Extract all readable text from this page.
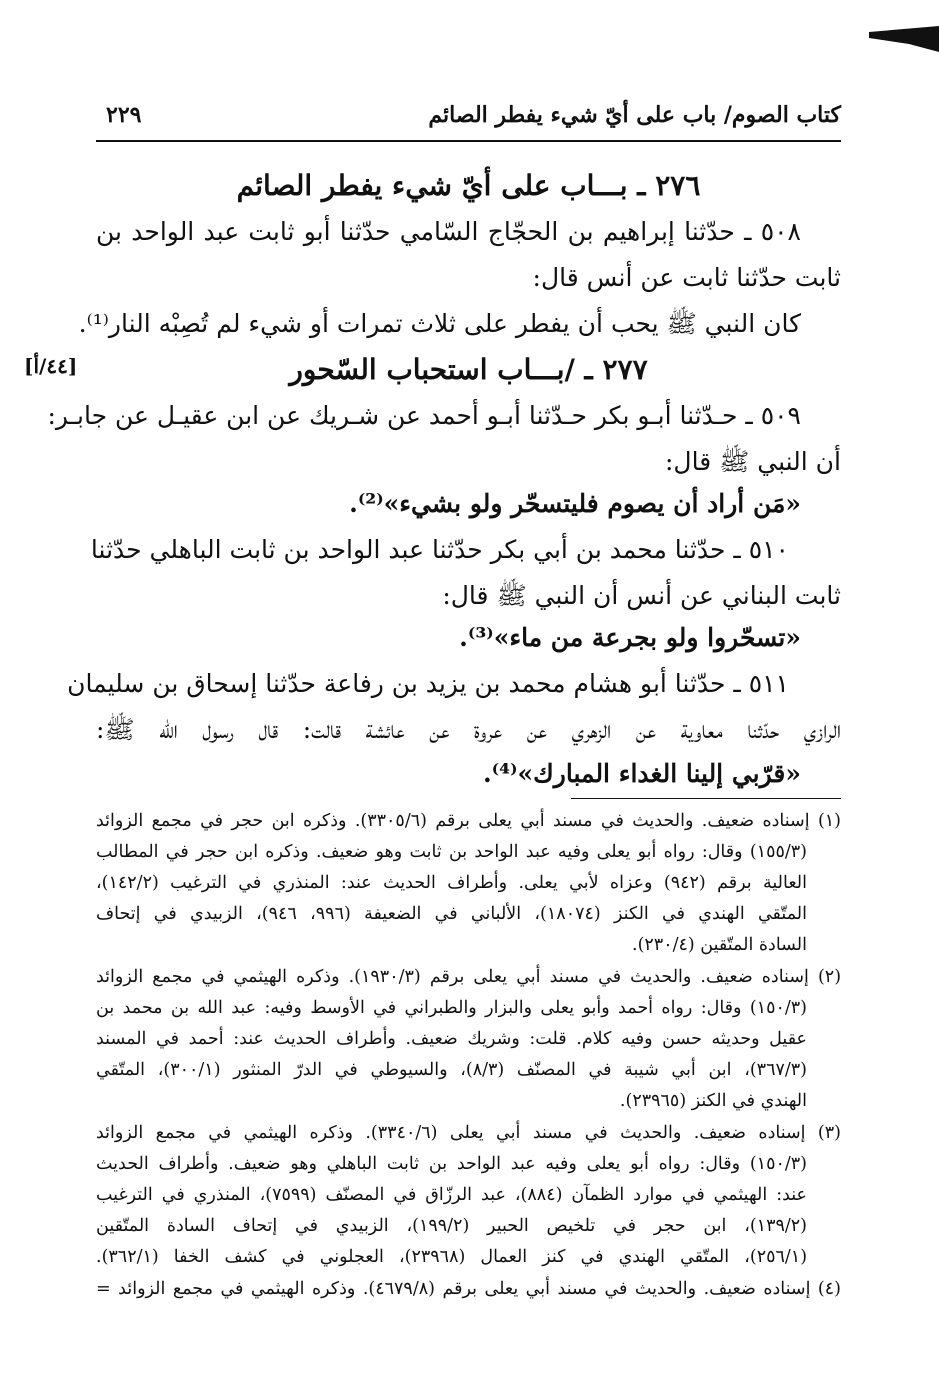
كتاب الصوم/ باب على أيّ شيء يفطر الصائم
٢٢٩
٢٧٦ ـ بـــاب على أيّ شيء يفطر الصائم
٥٠٨ ـ حدّثنا إبراهيم بن الحجّاج السّامي حدّثنا أبو ثابت عبد الواحد بن
ثابت حدّثنا ثابت عن أنس قال:
كان النبي ﷺ يحب أن يفطر على ثلاث تمرات أو شيء لم تُصِبْه النار⁽¹⁾.
٢٧٧ ـ /بـــاب استحباب السّحور
[٤٤/أ]
٥٠٩ ـ حـدّثنا أبـو بكر حـدّثنا أبـو أحمد عن شـريك عن ابن عقيـل عن جابـر:
أن النبي ﷺ قال:
«مَن أراد أن يصوم فليتسحّر ولو بشيء»⁽²⁾.
٥١٠ ـ حدّثنا محمد بن أبي بكر حدّثنا عبد الواحد بن ثابت الباهلي حدّثنا
ثابت البناني عن أنس أن النبي ﷺ قال:
«تسحّروا ولو بجرعة من ماء»⁽³⁾.
٥١١ ـ حدّثنا أبو هشام محمد بن يزيد بن رفاعة حدّثنا إسحاق بن سليمان
الرازي حدّثنا معاوية عن الزهري عن عروة عن عائشة قالت: قال رسول الله ﷺ:
«قرّبي إلينا الغداء المبارك»⁽⁴⁾.
(١) إسناده ضعيف. والحديث في مسند أبي يعلى برقم (٣٣٠٥/٦). وذكره ابن حجر في مجمع الزوائد
(١٥٥/٣) وقال: رواه أبو يعلى وفيه عبد الواحد بن ثابت وهو ضعيف. وذكره ابن حجر في المطالب
العالية برقم (٩٤٢) وعزاه لأبي يعلى. وأطراف الحديث عند: المنذري في الترغيب (١٤٢/٢)،
المتّقي الهندي في الكنز (١٨٠٧٤)، الألباني في الضعيفة (٩٩٦، ٩٤٦)، الزبيدي في إتحاف
السادة المتّقين (٢٣٠/٤).
(٢) إسناده ضعيف. والحديث في مسند أبي يعلى برقم (١٩٣٠/٣). وذكره الهيثمي في مجمع الزوائد
(١٥٠/٣) وقال: رواه أحمد وأبو يعلى والبزار والطبراني في الأوسط وفيه: عبد الله بن محمد بن
عقيل وحديثه حسن وفيه كلام. قلت: وشريك ضعيف. وأطراف الحديث عند: أحمد في المسند
(٣٦٧/٣)، ابن أبي شيبة في المصنّف (٨/٣)، والسيوطي في الدرّ المنثور (٣٠٠/١)، المتّقي
الهندي في الكنز (٢٣٩٦٥).
(٣) إسناده ضعيف. والحديث في مسند أبي يعلى (٣٣٤٠/٦). وذكره الهيثمي في مجمع الزوائد
(١٥٠/٣) وقال: رواه أبو يعلى وفيه عبد الواحد بن ثابت الباهلي وهو ضعيف. وأطراف الحديث
عند: الهيثمي في موارد الظمآن (٨٨٤)، عبد الرزّاق في المصنّف (٧٥٩٩)، المنذري في الترغيب
(١٣٩/٢)، ابن حجر في تلخيص الحبير (١٩٩/٢)، الزبيدي في إتحاف السادة المتّقين
(٢٥٦/١)، المتّقي الهندي في كنز العمال (٢٣٩٦٨)، العجلوني في كشف الخفا (٣٦٢/١).
(٤) إسناده ضعيف. والحديث في مسند أبي يعلى برقم (٤٦٧٩/٨). وذكره الهيثمي في مجمع الزوائد =
